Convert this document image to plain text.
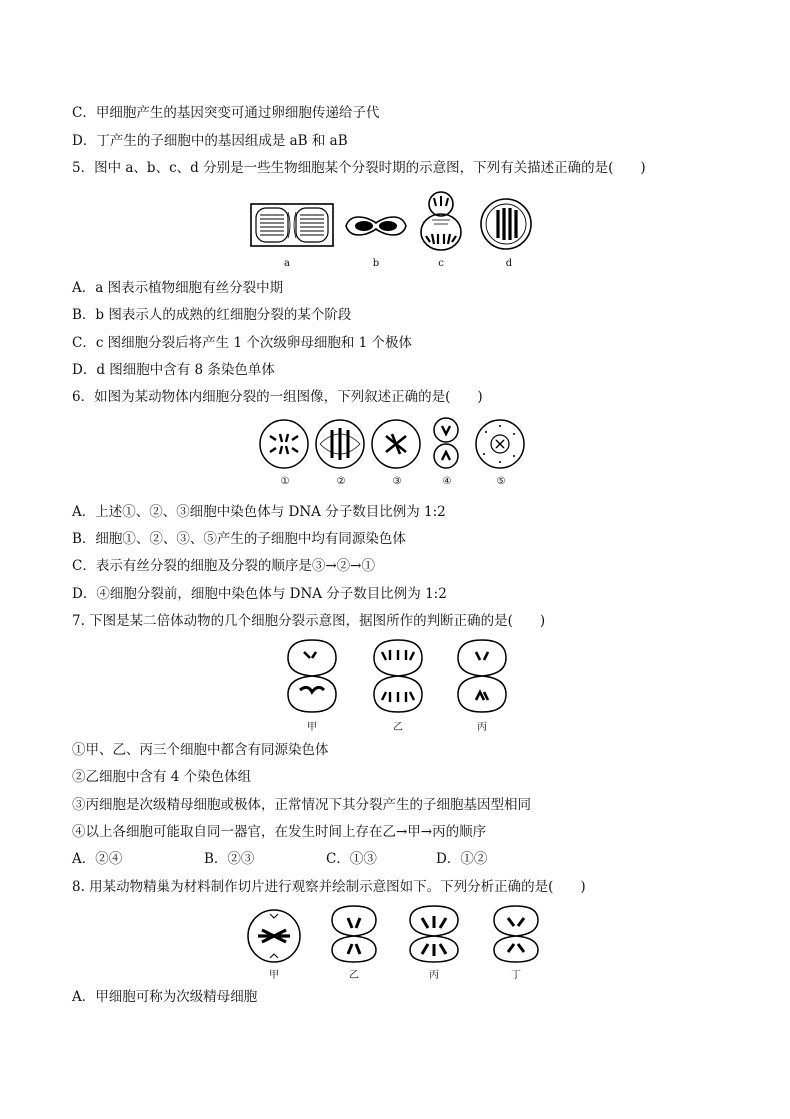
C．甲细胞产生的基因突变可通过卵细胞传递给子代
D．丁产生的子细胞中的基因组成是 aB 和 aB
5．图中 a、b、c、d 分别是一些生物细胞某个分裂时期的示意图，下列有关描述正确的是(　　)
a	b	c	d
A．a 图表示植物细胞有丝分裂中期
B．b 图表示人的成熟的红细胞分裂的某个阶段
C．c 图细胞分裂后将产生 1 个次级卵母细胞和 1 个极体
D．d 图细胞中含有 8 条染色单体
6．如图为某动物体内细胞分裂的一组图像，下列叙述正确的是(　　)
①	②	③	④	⑤
A．上述①、②、③细胞中染色体与 DNA 分子数目比例为 1:2
B．细胞①、②、③、⑤产生的子细胞中均有同源染色体
C．表示有丝分裂的细胞及分裂的顺序是③→②→①
D．④细胞分裂前，细胞中染色体与 DNA 分子数目比例为 1:2
7. 下图是某二倍体动物的几个细胞分裂示意图，据图所作的判断正确的是(　　)
甲	乙	丙
①甲、乙、丙三个细胞中都含有同源染色体
②乙细胞中含有 4 个染色体组
③丙细胞是次级精母细胞或极体，正常情况下其分裂产生的子细胞基因型相同
④以上各细胞可能取自同一器官，在发生时间上存在乙→甲→丙的顺序
A．②④	B．②③	C．①③	D．①②
8. 用某动物精巢为材料制作切片进行观察并绘制示意图如下。下列分析正确的是(　　)
甲	乙	丙	丁
A．甲细胞可称为次级精母细胞
